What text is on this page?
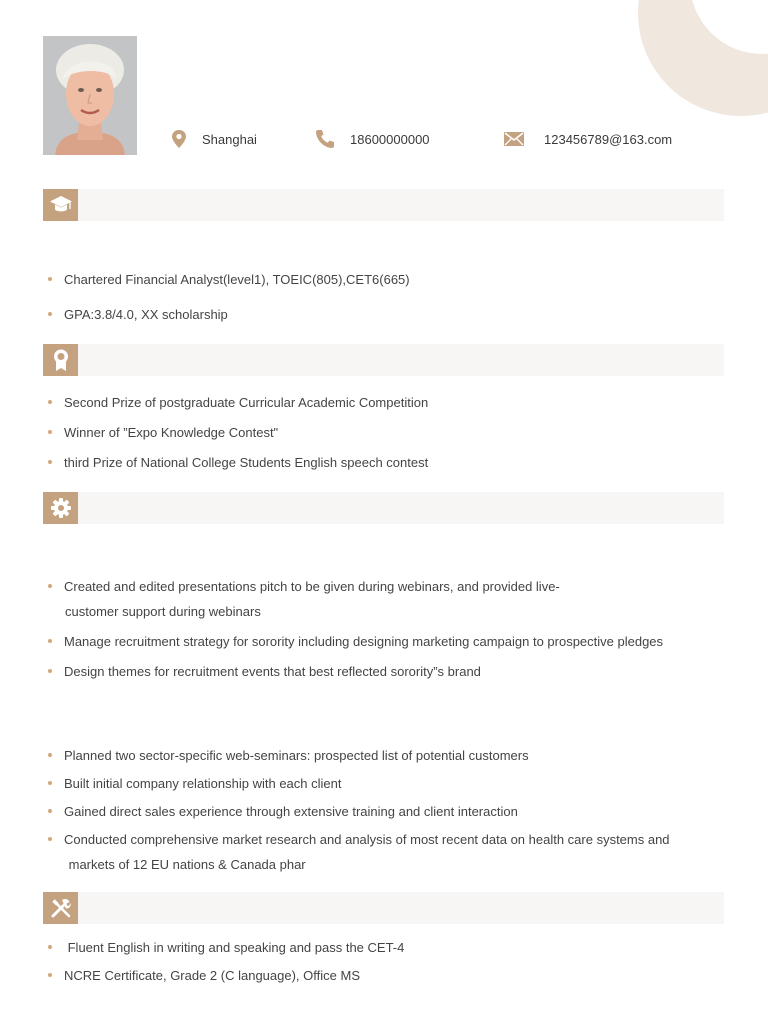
Shanghai	18600000000	123456789@163.com
Chartered Financial Analyst(level1), TOEIC(805),CET6(665)
GPA:3.8/4.0, XX scholarship
Second Prize of postgraduate Curricular Academic Competition
Winner of ”Expo Knowledge Contest"
third Prize of National College Students English speech contest
Created and edited presentations pitch to be given during webinars, and provided live-
customer support during webinars
Manage recruitment strategy for sorority including designing marketing campaign to prospective pledges
Design themes for recruitment events that best reflected sorority”s brand
Planned two sector-specific web-seminars: prospected list of potential customers
Built initial company relationship with each client
Gained direct sales experience through extensive training and client interaction
Conducted comprehensive market research and analysis of most recent data on health care systems and
markets of 12 EU nations & Canada phar
Fluent English in writing and speaking and pass the CET-4
NCRE Certificate, Grade 2 (C language), Office MS
